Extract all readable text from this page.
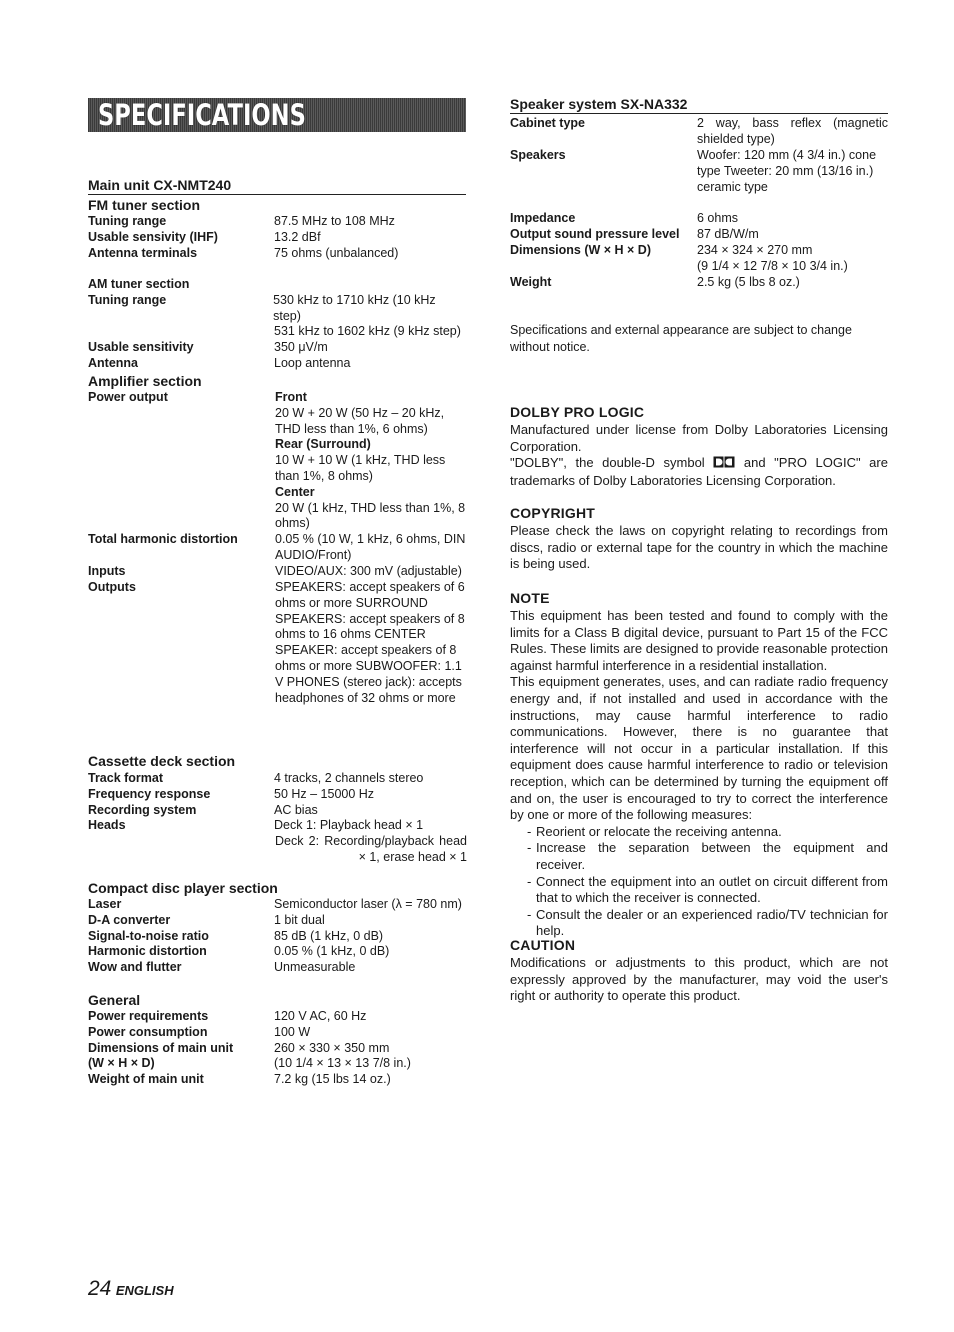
SPECIFICATIONS
Main unit CX-NMT240
FM tuner section
Tuning range	87.5 MHz to 108 MHz
Usable sensivity (IHF)	13.2 dBf
Antenna terminals	75 ohms (unbalanced)
AM tuner section
Tuning range	530 kHz to 1710 kHz (10 kHz step)
531 kHz to 1602 kHz (9 kHz step)
Usable sensitivity	350 μV/m
Antenna	Loop antenna
Amplifier section
Power output	Front
20 W + 20 W (50 Hz – 20 kHz, THD less than 1%, 6 ohms)
Rear (Surround)
10 W + 10 W (1 kHz, THD less than 1%, 8 ohms)
Center
20 W (1 kHz, THD less than 1%, 8 ohms)
Total harmonic distortion	0.05 % (10 W, 1 kHz, 6 ohms, DIN AUDIO/Front)
Inputs	VIDEO/AUX: 300 mV (adjustable)
Outputs	SPEAKERS: accept speakers of 6 ohms or more SURROUND SPEAKERS: accept speakers of 8 ohms to 16 ohms CENTER SPEAKER: accept speakers of 8 ohms or more SUBWOOFER: 1.1 V PHONES (stereo jack): accepts headphones of 32 ohms or more
Cassette deck section
Track format	4 tracks, 2 channels stereo
Frequency response	50 Hz – 15000 Hz
Recording system	AC bias
Heads	Deck 1: Playback head × 1
Deck 2: Recording/playback head × 1, erase head × 1
Compact disc player section
Laser	Semiconductor laser (λ = 780 nm)
D-A converter	1 bit dual
Signal-to-noise ratio	85 dB (1 kHz, 0 dB)
Harmonic distortion	0.05 % (1 kHz, 0 dB)
Wow and flutter	Unmeasurable
General
Power requirements	120 V AC, 60 Hz
Power consumption	100 W
Dimensions of main unit	260 × 330 × 350 mm
(W × H × D)	(10 1/4 × 13 × 13 7/8 in.)
Weight of main unit	7.2 kg (15 lbs 14 oz.)
Speaker system SX-NA332
Cabinet type	2 way, bass reflex (magnetic shielded type)
Speakers	Woofer: 120 mm (4 3/4 in.) cone type Tweeter: 20 mm (13/16 in.) ceramic type
Impedance	6 ohms
Output sound pressure level 87 dB/W/m
Dimensions (W × H × D)	234 × 324 × 270 mm
(9 1/4 × 12 7/8 × 10 3/4 in.)
Weight	2.5 kg (5 lbs 8 oz.)
Specifications and external appearance are subject to change without notice.
DOLBY PRO LOGIC
Manufactured under license from Dolby Laboratories Licensing Corporation.
"DOLBY", the double-D symbol	and "PRO LOGIC" are trademarks of Dolby Laboratories Licensing Corporation.
COPYRIGHT
Please check the laws on copyright relating to recordings from discs, radio or external tape for the country in which the machine is being used.
NOTE
This equipment has been tested and found to comply with the limits for a Class B digital device, pursuant to Part 15 of the FCC Rules. These limits are designed to provide reasonable protection against harmful interference in a residential installation.
This equipment generates, uses, and can radiate radio frequency energy and, if not installed and used in accordance with the instructions, may cause harmful interference to radio communications. However, there is no guarantee that interference will not occur in a particular installation. If this equipment does cause harmful interference to radio or television reception, which can be determined by turning the equipment off and on, the user is encouraged to try to correct the interference by one or more of the following measures:
- Reorient or relocate the receiving antenna.
- Increase the separation between the equipment and receiver.
- Connect the equipment into an outlet on circuit different from that to which the receiver is connected.
- Consult the dealer or an experienced radio/TV technician for help.
CAUTION
Modifications or adjustments to this product, which are not expressly approved by the manufacturer, may void the user's right or authority to operate this product.
24 ENGLISH
